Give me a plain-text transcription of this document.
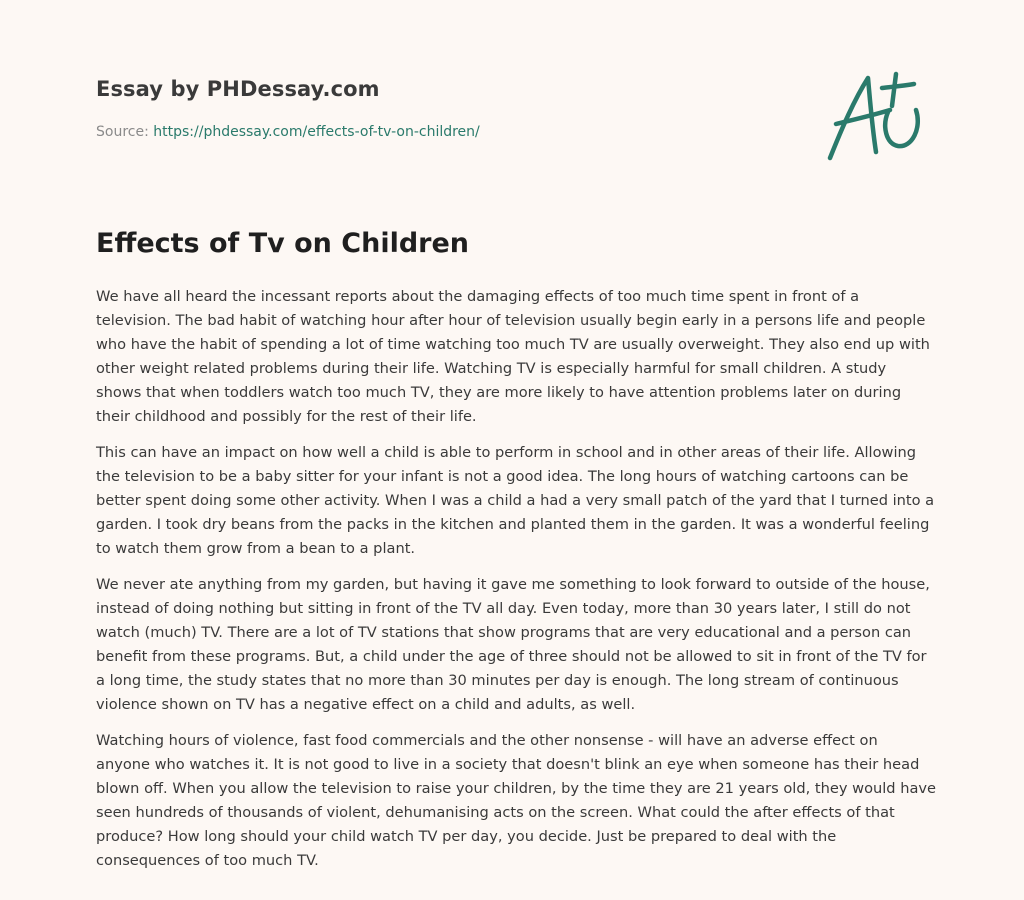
Essay by PHDessay.com
Source: https://phdessay.com/effects-of-tv-on-children/
Effects of Tv on Children

We have all heard the incessant reports about the damaging effects of too much time spent in front of a television. The bad habit of watching hour after hour of television usually begin early in a persons life and people who have the habit of spending a lot of time watching too much TV are usually overweight. They also end up with other weight related problems during their life. Watching TV is especially harmful for small children. A study shows that when toddlers watch too much TV, they are more likely to have attention problems later on during their childhood and possibly for the rest of their life.

This can have an impact on how well a child is able to perform in school and in other areas of their life. Allowing the television to be a baby sitter for your infant is not a good idea. The long hours of watching cartoons can be better spent doing some other activity. When I was a child a had a very small patch of the yard that I turned into a garden. I took dry beans from the packs in the kitchen and planted them in the garden. It was a wonderful feeling to watch them grow from a bean to a plant.

We never ate anything from my garden, but having it gave me something to look forward to outside of the house, instead of doing nothing but sitting in front of the TV all day. Even today, more than 30 years later, I still do not watch (much) TV. There are a lot of TV stations that show programs that are very educational and a person can benefit from these programs. But, a child under the age of three should not be allowed to sit in front of the TV for a long time, the study states that no more than 30 minutes per day is enough. The long stream of continuous violence shown on TV has a negative effect on a child and adults, as well.

Watching hours of violence, fast food commercials and the other nonsense - will have an adverse effect on anyone who watches it. It is not good to live in a society that doesn't blink an eye when someone has their head blown off. When you allow the television to raise your children, by the time they are 21 years old, they would have seen hundreds of thousands of violent, dehumanising acts on the screen. What could the after effects of that produce? How long should your child watch TV per day, you decide. Just be prepared to deal with the consequences of too much TV.
